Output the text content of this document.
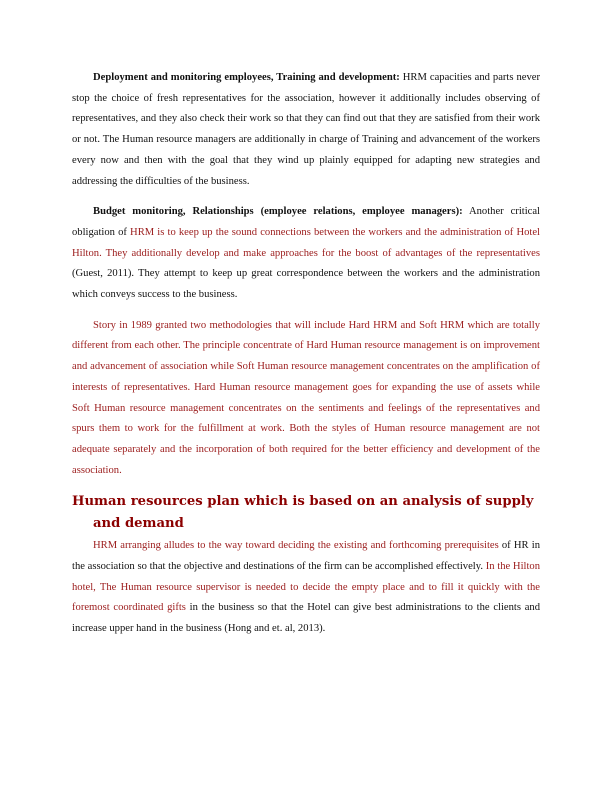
Deployment and monitoring employees, Training and development: HRM capacities and parts never stop the choice of fresh representatives for the association, however it additionally includes observing of representatives, and they also check their work so that they can find out that they are satisfied from their work or not. The Human resource managers are additionally in charge of Training and advancement of the workers every now and then with the goal that they wind up plainly equipped for adapting new strategies and addressing the difficulties of the business.

Budget monitoring, Relationships (employee relations, employee managers): Another critical obligation of HRM is to keep up the sound connections between the workers and the administration of Hotel Hilton. They additionally develop and make approaches for the boost of advantages of the representatives (Guest, 2011). They attempt to keep up great correspondence between the workers and the administration which conveys success to the business.

Story in 1989 granted two methodologies that will include Hard HRM and Soft HRM which are totally different from each other. The principle concentrate of Hard Human resource management is on improvement and advancement of association while Soft Human resource management concentrates on the amplification of interests of representatives. Hard Human resource management goes for expanding the use of assets while Soft Human resource management concentrates on the sentiments and feelings of the representatives and spurs them to work for the fulfillment at work. Both the styles of Human resource management are not adequate separately and the incorporation of both required for the better efficiency and development of the association.

Human resources plan which is based on an analysis of supply and demand

HRM arranging alludes to the way toward deciding the existing and forthcoming prerequisites of HR in the association so that the objective and destinations of the firm can be accomplished effectively. In the Hilton hotel, The Human resource supervisor is needed to decide the empty place and to fill it quickly with the foremost coordinated gifts in the business so that the Hotel can give best administrations to the clients and increase upper hand in the business (Hong and et. al, 2013).
